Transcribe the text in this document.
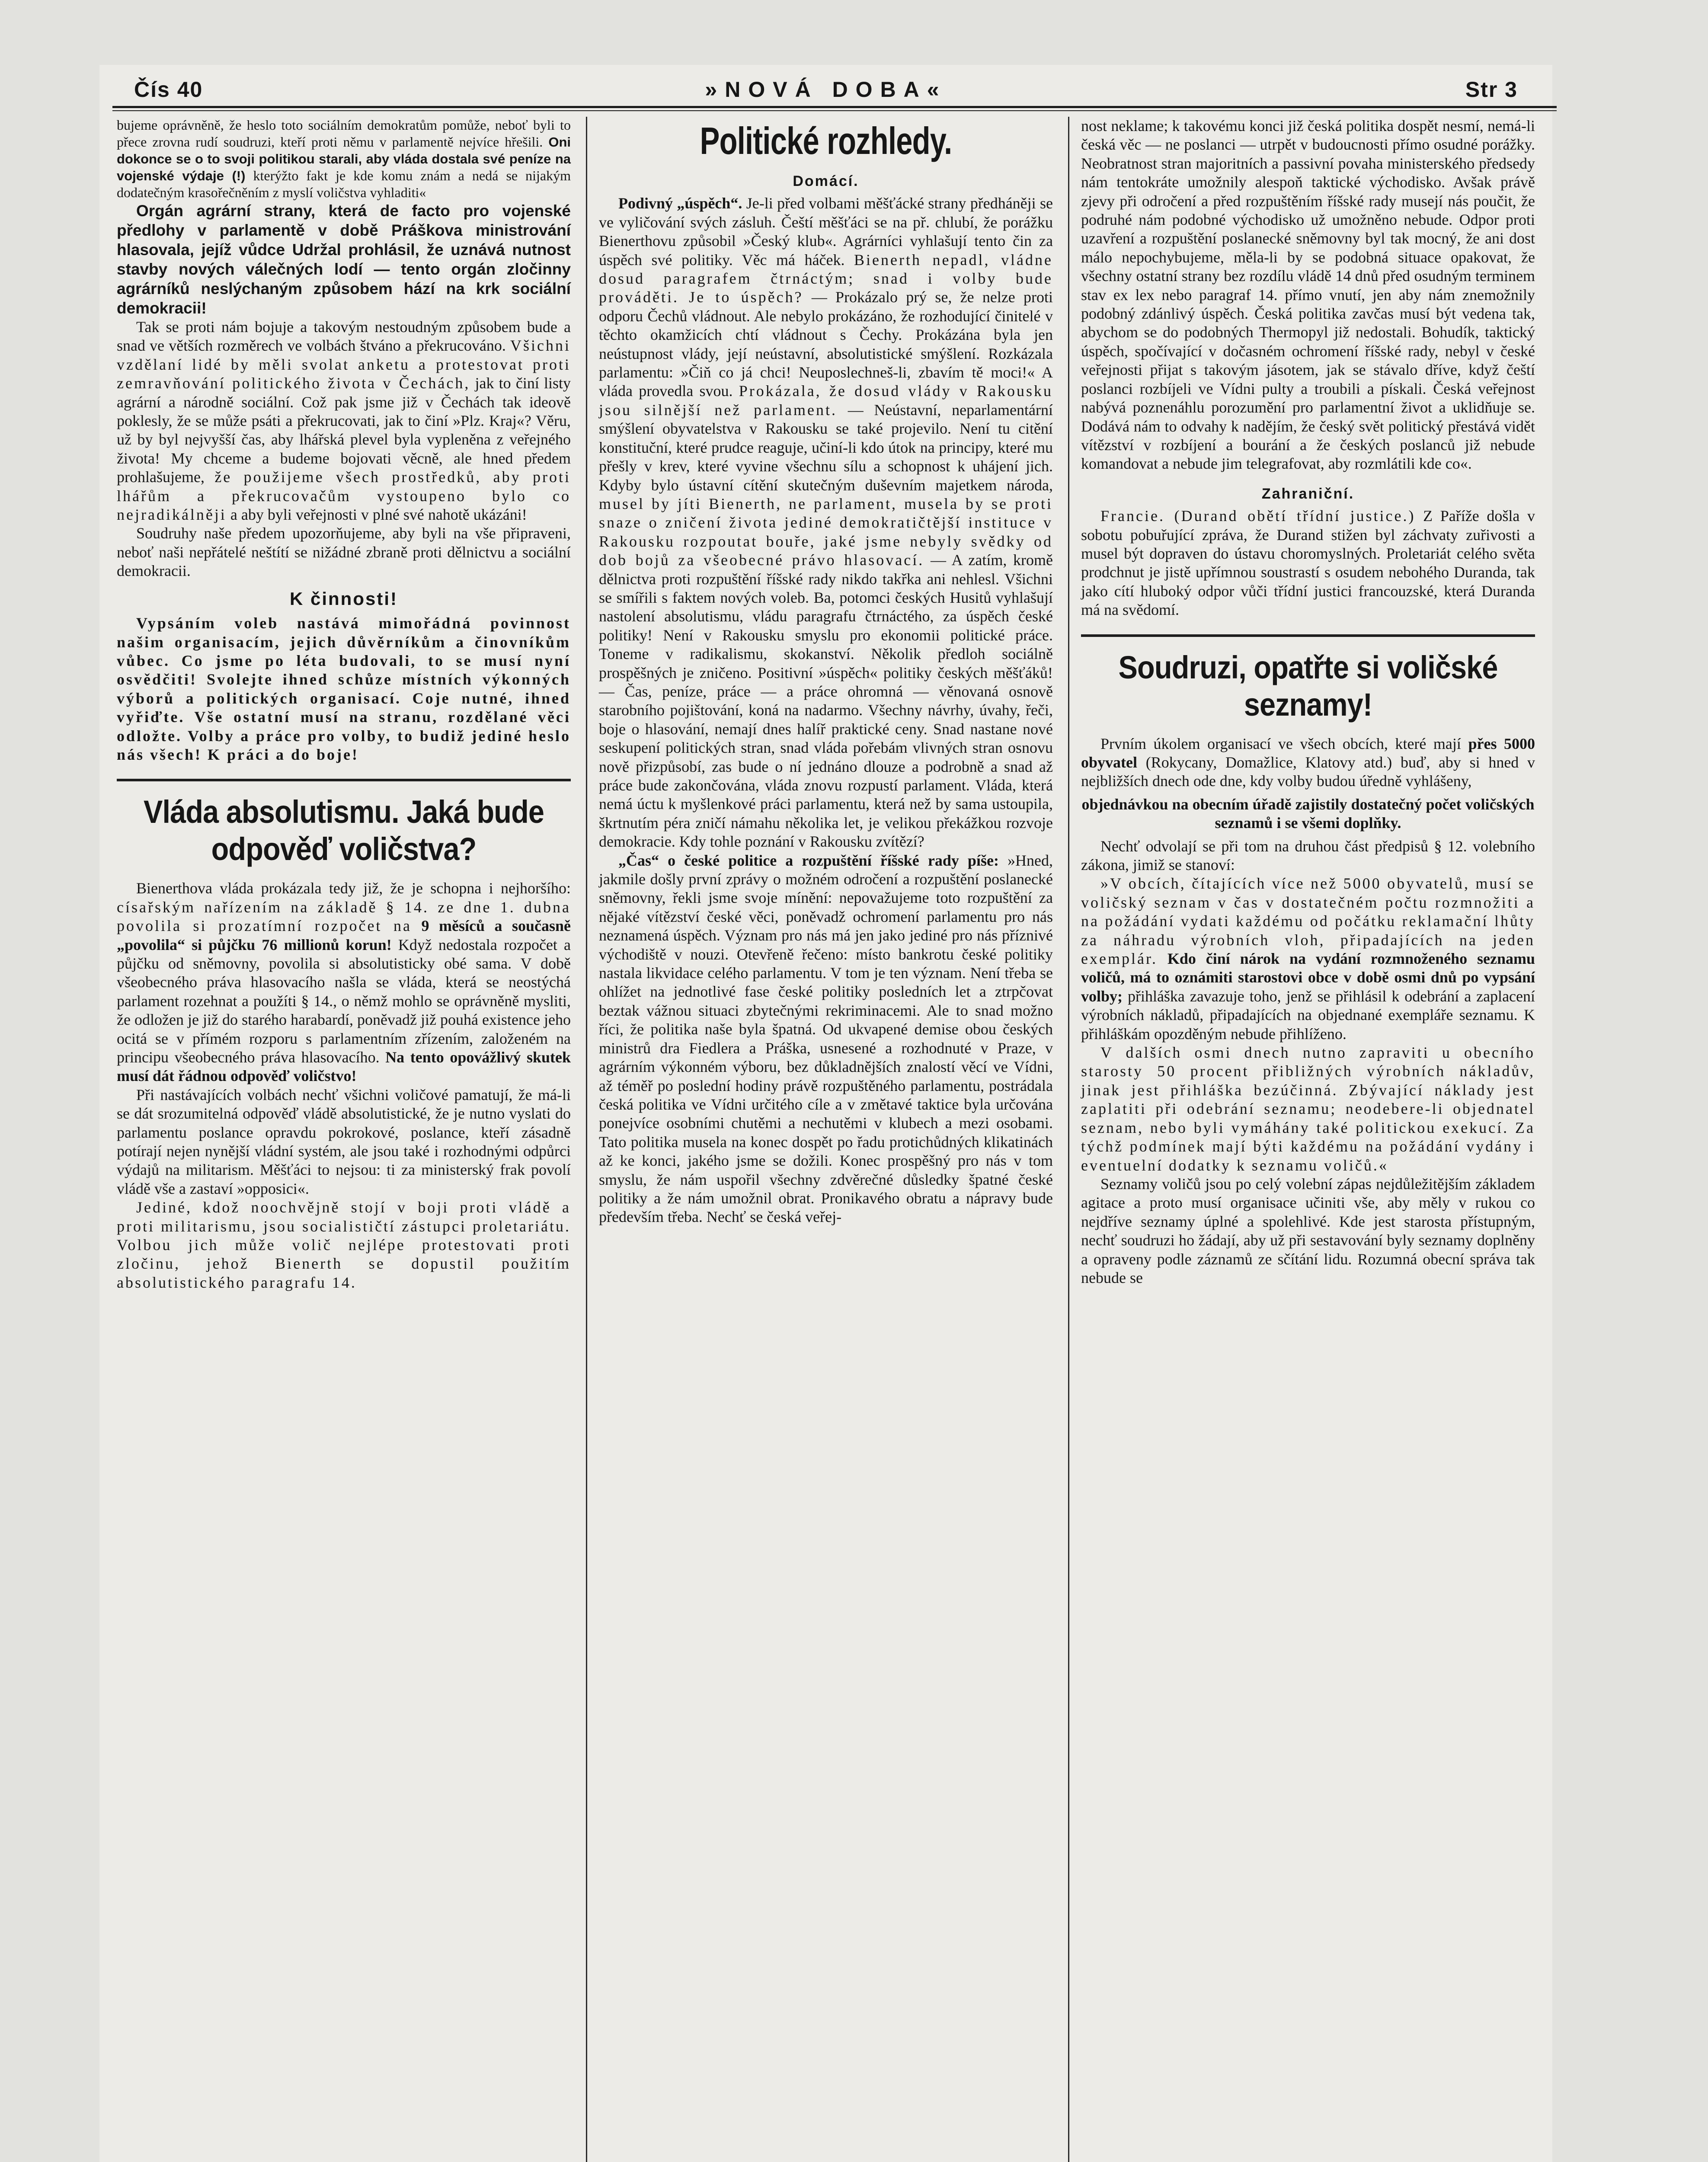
Čís 40	»NOVÁ DOBA«	Str 3

bujeme oprávněně, že heslo toto sociálním demokratům pomůže, neboť byli to přece zrovna rudí soudruzi, kteří proti němu v parlamentě nejvíce hřešili. Oni dokonce se o to svoji politikou starali, aby vláda dostala své peníze na vojenské výdaje (!) kterýžto fakt je kde komu znám a nedá se nijakým dodatečným krasořečněním z myslí voličstva vyhladiti«

Orgán agrární strany, která de facto pro vojenské předlohy v parlamentě v době Práškova ministrování hlasovala, jejíž vůdce Udržal prohlásil, že uznává nutnost stavby nových válečných lodí — tento orgán zločinny agrárníků neslýchaným způsobem hází na krk sociální demokracii!

Tak se proti nám bojuje a takovým nestoudným způsobem bude a snad ve větších rozměrech ve volbách štváno a překrucováno. Všichni vzdělaní lidé by měli svolat anketu a protestovat proti zemravňování politického života v Čechách, jak to činí listy agrární a národně sociální. Což pak jsme již v Čechách tak ideově poklesly, že se může psáti a překrucovati, jak to činí »Plz. Kraj«? Věru, už by byl nejvyšší čas, aby lhářská plevel byla vypleněna z veřejného života! My chceme a budeme bojovati věcně, ale hned předem prohlašujeme, že použijeme všech prostředků, aby proti lhářům a překrucovačům vystoupeno bylo co nejradikálněji a aby byli veřejnosti v plné své nahotě ukázáni!

Soudruhy naše předem upozorňujeme, aby byli na vše připraveni, neboť naši nepřátelé neštítí se nižádné zbraně proti dělnictvu a sociální demokracii.

K činnosti!

Vypsáním voleb nastává mimořádná povinnost našim organisacím, jejich důvěrníkům a činovníkům vůbec. Co jsme po léta budovali, to se musí nyní osvědčiti! Svolejte ihned schůze místních výkonných výborů a politických organisací. Coje nutné, ihned vyřiďte. Vše ostatní musí na stranu, rozdělané věci odložte. Volby a práce pro volby, to budiž jediné heslo nás všech! K práci a do boje!

Vláda absolutismu. Jaká bude odpověď voličstva?

Bienerthova vláda prokázala tedy již, že je schopna i nejhoršího: císařským nařízením na základě § 14. ze dne 1. dubna povolila si prozatímní rozpočet na 9 měsíců a současně „povolila“ si půjčku 76 millionů korun! Když nedostala rozpočet a půjčku od sněmovny, povolila si absolutisticky obé sama. V době všeobecného práva hlasovacího našla se vláda, která se neostýchá parlament rozehnat a použíti § 14., o němž mohlo se oprávněně mysliti, že odložen je již do starého harabardí, poněvadž již pouhá existence jeho ocitá se v přímém rozporu s parlamentním zřízením, založeném na principu všeobecného práva hlasovacího. Na tento opovážlivý skutek musí dát řádnou odpověď voličstvo!

Při nastávajících volbách nechť všichni voličové pamatují, že má-li se dát srozumitelná odpověď vládě absolutistické, že je nutno vyslati do parlamentu poslance opravdu pokrokové, poslance, kteří zásadně potírají nejen nynější vládní systém, ale jsou také i rozhodnými odpůrci výdajů na militarism. Měšťáci to nejsou: ti za ministerský frak povolí vládě vše a zastaví »opposici«.

Jediné, kdož noochvějně stojí v boji proti vládě a proti militarismu, jsou socialističtí zástupci proletariátu. Volbou jich může volič nejlépe protestovati proti zločinu, jehož Bienerth se dopustil použitím absolutistického paragrafu 14.

Politické rozhledy.
Domácí.

Podivný „úspěch“. Je-li před volbami měšťácké strany předháněji se ve vyličování svých zásluh. Čeští měšťáci se na př. chlubí, že porážku Bienerthovu způsobil »Český klub«. Agrárníci vyhlašují tento čin za úspěch své politiky. Věc má háček. Bienerth nepadl, vládne dosud paragrafem čtrnáctým; snad i volby bude prováděti. Je to úspěch? — Prokázalo prý se, že nelze proti odporu Čechů vládnout. Ale nebylo prokázáno, že rozhodující činitelé v těchto okamžicích chtí vládnout s Čechy. Prokázána byla jen neústupnost vlády, její neústavní, absolutistické smýšlení. Rozkázala parlamentu: »Čiň co já chci! Neuposlechneš-li, zbavím tě moci!« A vláda provedla svou. Prokázala, že dosud vlády v Rakousku jsou silnější než parlament. — Neústavní, neparlamentární smýšlení obyvatelstva v Rakousku se také projevilo. Není tu citění konstituční, které prudce reaguje, učiní-li kdo útok na principy, které mu přešly v krev, které vyvine všechnu sílu a schopnost k uhájení jich. Kdyby bylo ústavní cítění skutečným duševním majetkem národa, musel by jíti Bienerth, ne parlament, musela by se proti snaze o zničení života jediné demokratičtější instituce v Rakousku rozpoutat bouře, jaké jsme nebyly svědky od dob bojů za všeobecné právo hlasovací. — A zatím, kromě dělnictva proti rozpuštění říšské rady nikdo takřka ani nehlesl. Všichni se smířili s faktem nových voleb. Ba, potomci českých Husitů vyhlašují nastolení absolutismu, vládu paragrafu čtrnáctého, za úspěch české politiky! Není v Rakousku smyslu pro ekonomii politické práce. Toneme v radikalismu, skokanství. Několik předloh sociálně prospěšných je zničeno. Positivní »úspěch« politiky českých měšťáků! — Čas, peníze, práce — a práce ohromná — věnovaná osnově starobního pojištování, koná na nadarmo. Všechny návrhy, úvahy, řeči, boje o hlasování, nemají dnes halíř praktické ceny. Snad nastane nové seskupení politických stran, snad vláda pořebám vlivných stran osnovu nově přizpůsobí, zas bude o ní jednáno dlouze a podrobně a snad až práce bude zakončována, vláda znovu rozpustí parlament. Vláda, která nemá úctu k myšlenkové práci parlamentu, která než by sama ustoupila, škrtnutím péra zničí námahu několika let, je velikou překážkou rozvoje demokracie. Kdy tohle poznání v Rakousku zvítězí?

„Čas“ o české politice a rozpuštění říšské rady píše: »Hned, jakmile došly první zprávy o možném odročení a rozpuštění poslanecké sněmovny, řekli jsme svoje mínění: nepovažujeme toto rozpuštění za nějaké vítězství české věci, poněvadž ochromení parlamentu pro nás neznamená úspěch. Význam pro nás má jen jako jediné pro nás příznivé východiště v nouzi. Otevřeně řečeno: místo bankrotu české politiky nastala likvidace celého parlamentu. V tom je ten význam. Není třeba se ohlížet na jednotlivé fase české politiky posledních let a ztrpčovat beztak vážnou situaci zbytečnými rekriminacemi. Ale to snad možno říci, že politika naše byla špatná. Od ukvapené demise obou českých ministrů dra Fiedlera a Práška, usnesené a rozhodnuté v Praze, v agrárním výkonném výboru, bez důkladnějších znalostí věcí ve Vídni, až téměř po poslední hodiny právě rozpuštěného parlamentu, postrádala česká politika ve Vídni určitého cíle a v změtavé taktice byla určována ponejvíce osobními chutěmi a nechutěmi v klubech a mezi osobami. Tato politika musela na konec dospět po řadu protichůdných klikatinách až ke konci, jakého jsme se dožili. Konec prospěšný pro nás v tom smyslu, že nám uspořil všechny zdvěrečné důsledky špatné české politiky a že nám umožnil obrat. Pronikavého obratu a nápravy bude především třeba. Nechť se česká veřej-

nost neklame; k takovému konci již česká politika dospět nesmí, nemá-li česká věc — ne poslanci — utrpět v budoucnosti přímo osudné porážky. Neobratnost stran majoritních a passivní povaha ministerského předsedy nám tentokráte umožnily alespoň taktické východisko. Avšak právě zjevy při odročení a před rozpuštěním říšské rady musejí nás poučit, že podruhé nám podobné východisko už umožněno nebude. Odpor proti uzavření a rozpuštění poslanecké sněmovny byl tak mocný, že ani dost málo nepochybujeme, měla-li by se podobná situace opakovat, že všechny ostatní strany bez rozdílu vládě 14 dnů před osudným terminem stav ex lex nebo paragraf 14. přímo vnutí, jen aby nám znemožnily podobný zdánlivý úspěch. Česká politika zavčas musí být vedena tak, abychom se do podobných Thermopyl již nedostali. Bohudík, taktický úspěch, spočívající v dočasném ochromení říšské rady, nebyl v české veřejnosti přijat s takovým jásotem, jak se stávalo dříve, když čeští poslanci rozbíjeli ve Vídni pulty a troubili a pískali. Česká veřejnost nabývá poznenáhlu porozumění pro parlamentní život a uklidňuje se. Dodává nám to odvahy k nadějím, že český svět politický přestává vidět vítězství v rozbíjení a bourání a že českých poslanců již nebude komandovat a nebude jim telegrafovat, aby rozmlátili kde co«.

Zahraniční.

Francie. (Durand obětí třídní justice.) Z Paříže došla v sobotu pobuřující zpráva, že Durand stižen byl záchvaty zuřivosti a musel být dopraven do ústavu choromyslných. Proletariát celého světa prodchnut je jistě upřímnou soustrastí s osudem nebohého Duranda, tak jako cítí hluboký odpor vůči třídní justici francouzské, která Duranda má na svědomí.

Soudruzi, opatřte si voličské seznamy!

Prvním úkolem organisací ve všech obcích, které mají přes 5000 obyvatel (Rokycany, Domažlice, Klatovy atd.) buď, aby si hned v nejbližších dnech ode dne, kdy volby budou úředně vyhlášeny,

objednávkou na obecním úřadě zajistily dostatečný počet voličských seznamů i se všemi doplňky.

Nechť odvolají se při tom na druhou část předpisů § 12. volebního zákona, jimiž se stanoví:

»V obcích, čítajících více než 5000 obyvatelů, musí se voličský seznam v čas v dostatečném počtu rozmnožiti a na požádání vydati každému od počátku reklamační lhůty za náhradu výrobních vloh, připadajících na jeden exemplár. Kdo činí nárok na vydání rozmnoženého seznamu voličů, má to oznámiti starostovi obce v době osmi dnů po vypsání volby; přihláška zavazuje toho, jenž se přihlásil k odebrání a zaplacení výrobních nákladů, připadajících na objednané exempláře seznamu. K přihláškám opozděným nebude přihlíženo.

V dalších osmi dnech nutno zapraviti u obecního starosty 50 procent přibližných výrobních nákladův, jinak jest přihláška bezúčinná. Zbývající náklady jest zaplatiti při odebrání seznamu; neodebere-li objednatel seznam, nebo byli vymáhány také politickou exekucí. Za týchž podmínek mají býti každému na požádání vydány i eventuelní dodatky k seznamu voličů.«

Seznamy voličů jsou po celý volební zápas nejdůležitějším základem agitace a proto musí organisace učiniti vše, aby měly v rukou co nejdříve seznamy úplné a spolehlivé. Kde jest starosta přístupným, nechť soudruzi ho žádají, aby už při sestavování byly seznamy doplněny a opraveny podle záznamů ze sčítání lidu. Rozumná obecní správa tak nebude se
